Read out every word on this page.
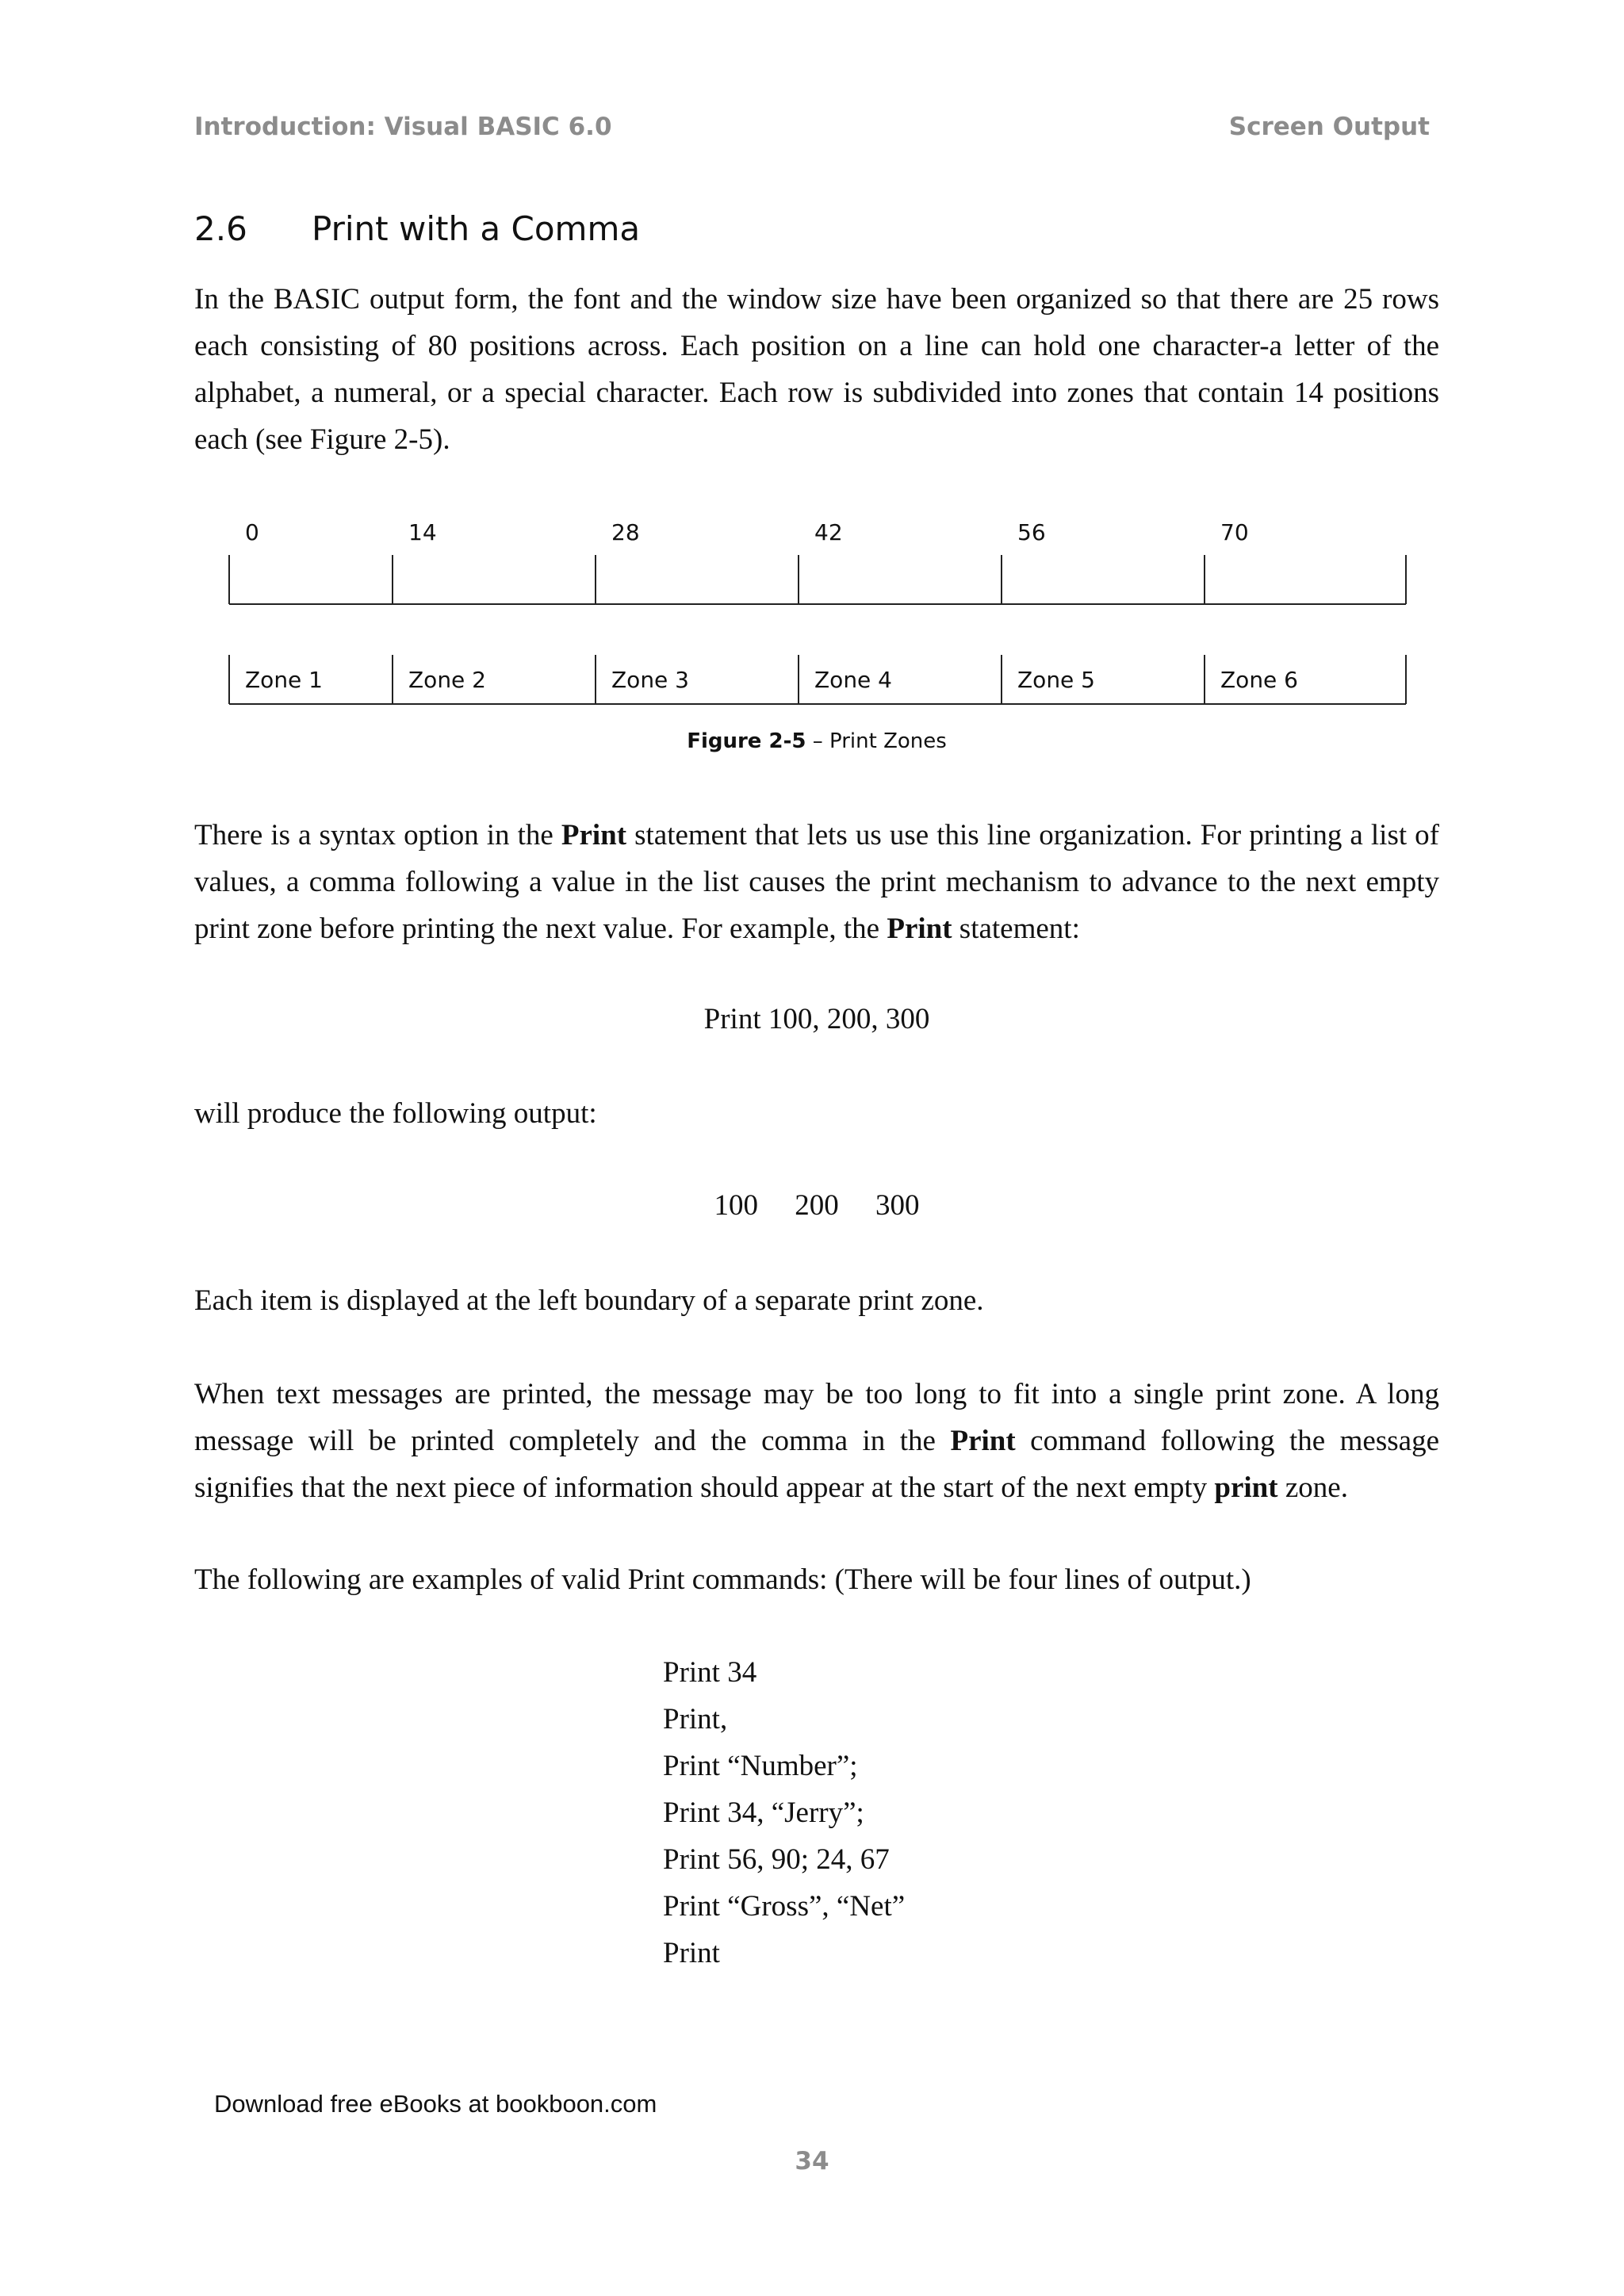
Introduction: Visual BASIC 6.0	Screen Output
2.6 Print with a Comma

In the BASIC output form, the font and the window size have been organized so that there are 25 rows each consisting of 80 positions across. Each position on a line can hold one character-a letter of the alphabet, a numeral, or a special character. Each row is subdivided into zones that contain 14 positions each (see Figure 2-5).

0	14	28	42	56	70
Zone 1	Zone 2	Zone 3	Zone 4	Zone 5	Zone 6
Figure 2-5 – Print Zones

There is a syntax option in the Print statement that lets us use this line organization. For printing a list of values, a comma following a value in the list causes the print mechanism to advance to the next empty print zone before printing the next value. For example, the Print statement:

Print 100, 200, 300

will produce the following output:

100     200     300

Each item is displayed at the left boundary of a separate print zone.

When text messages are printed, the message may be too long to fit into a single print zone. A long message will be printed completely and the comma in the Print command following the message signifies that the next piece of information should appear at the start of the next empty print zone.

The following are examples of valid Print commands: (There will be four lines of output.)

Print 34
Print,
Print “Number”;
Print 34, “Jerry”;
Print 56, 90; 24, 67
Print “Gross”, “Net”
Print
Download free eBooks at bookboon.com
34
